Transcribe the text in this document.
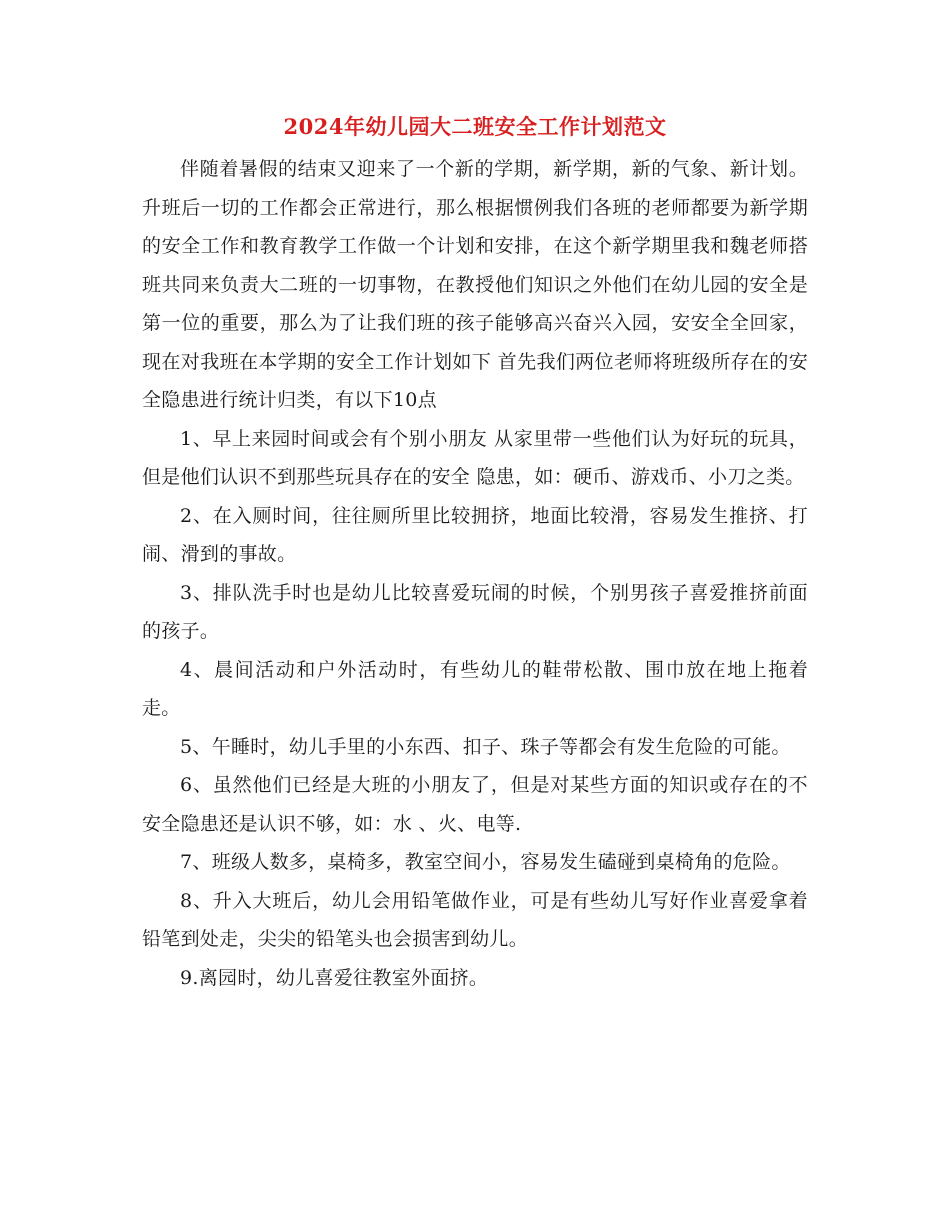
2024年幼儿园大二班安全工作计划范文

伴随着暑假的结束又迎来了一个新的学期，新学期，新的气象、新计划。升班后一切的工作都会正常进行，那么根据惯例我们各班的老师都要为新学期的安全工作和教育教学工作做一个计划和安排，在这个新学期里我和魏老师搭班共同来负责大二班的一切事物，在教授他们知识之外他们在幼儿园的安全是第一位的重要，那么为了让我们班的孩子能够高兴奋兴入园，安安全全回家，现在对我班在本学期的安全工作计划如下 首先我们两位老师将班级所存在的安全隐患进行统计归类，有以下10点

1、早上来园时间或会有个别小朋友 从家里带一些他们认为好玩的玩具，但是他们认识不到那些玩具存在的安全 隐患，如：硬币、游戏币、小刀之类。

2、在入厕时间，往往厕所里比较拥挤，地面比较滑，容易发生推挤、打闹、滑到的事故。

3、排队洗手时也是幼儿比较喜爱玩闹的时候，个别男孩子喜爱推挤前面的孩子。

4、晨间活动和户外活动时，有些幼儿的鞋带松散、围巾放在地上拖着走。

5、午睡时，幼儿手里的小东西、扣子、珠子等都会有发生危险的可能。

6、虽然他们已经是大班的小朋友了，但是对某些方面的知识或存在的不安全隐患还是认识不够，如：水 、火、电等.

7、班级人数多，桌椅多，教室空间小，容易发生磕碰到桌椅角的危险。

8、升入大班后，幼儿会用铅笔做作业，可是有些幼儿写好作业喜爱拿着铅笔到处走，尖尖的铅笔头也会损害到幼儿。

9.离园时，幼儿喜爱往教室外面挤。
